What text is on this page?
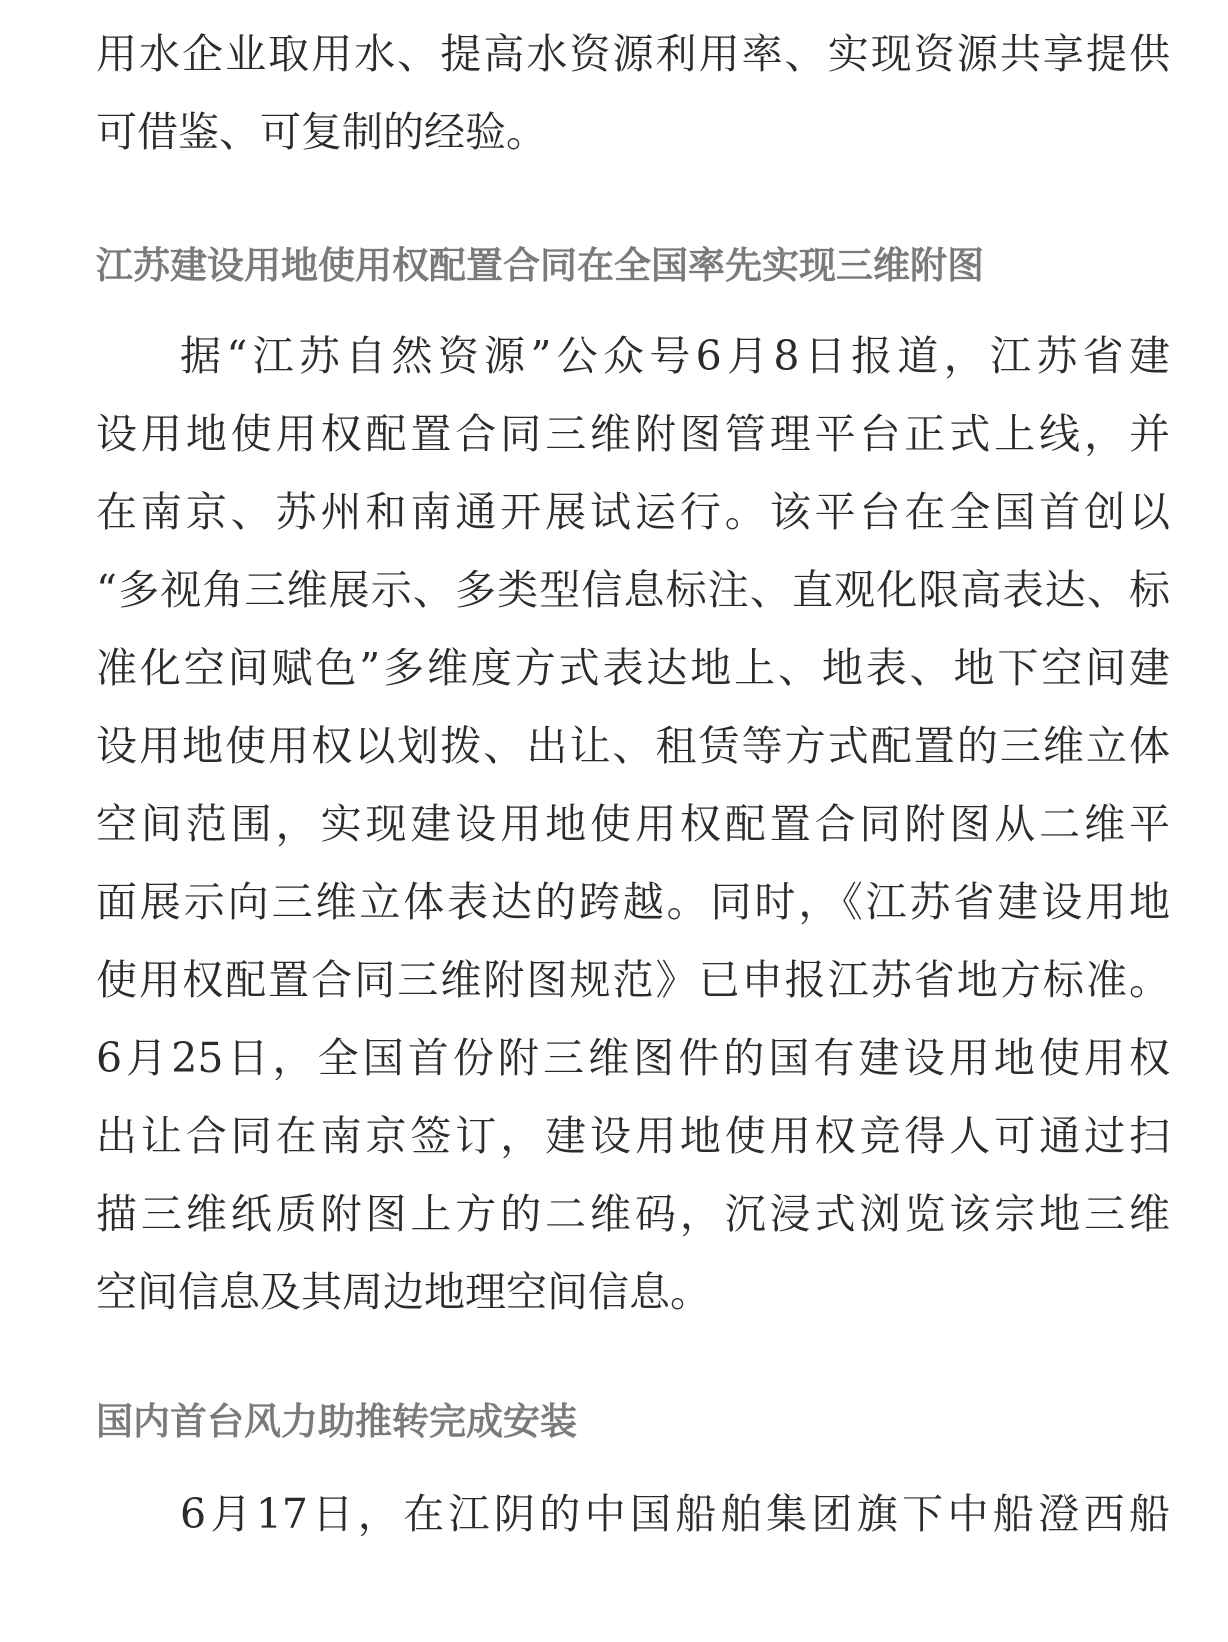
用水企业取用水、提高水资源利用率、实现资源共享提供
可借鉴、可复制的经验。
江苏建设用地使用权配置合同在全国率先实现三维附图
据“江苏自然资源”公众号6月8日报道，江苏省建
设用地使用权配置合同三维附图管理平台正式上线，并
在南京、苏州和南通开展试运行。该平台在全国首创以
“多视角三维展示、多类型信息标注、直观化限高表达、标
准化空间赋色”多维度方式表达地上、地表、地下空间建
设用地使用权以划拨、出让、租赁等方式配置的三维立体
空间范围，实现建设用地使用权配置合同附图从二维平
面展示向三维立体表达的跨越。同时，《江苏省建设用地
使用权配置合同三维附图规范》已申报江苏省地方标准。
6月25日，全国首份附三维图件的国有建设用地使用权
出让合同在南京签订，建设用地使用权竞得人可通过扫
描三维纸质附图上方的二维码，沉浸式浏览该宗地三维
空间信息及其周边地理空间信息。
国内首台风力助推转完成安装
6月17日，在江阴的中国船舶集团旗下中船澄西船
